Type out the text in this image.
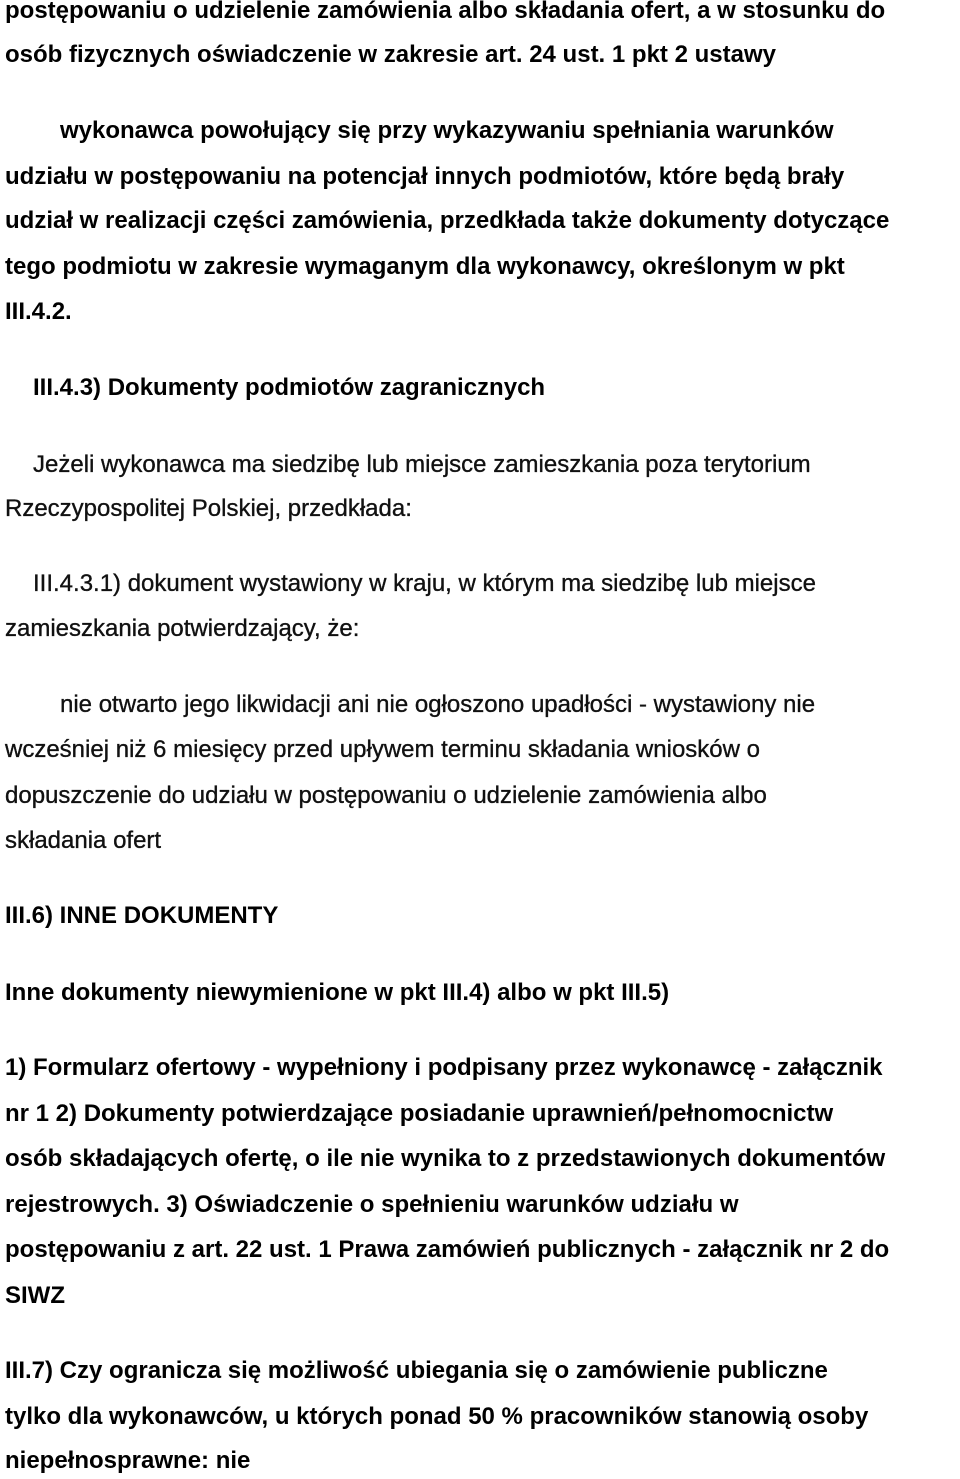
postępowaniu o udzielenie zamówienia albo składania ofert, a w stosunku do
osób fizycznych oświadczenie w zakresie art. 24 ust. 1 pkt 2 ustawy
wykonawca powołujący się przy wykazywaniu spełniania warunków
udziału w postępowaniu na potencjał innych podmiotów, które będą brały
udział w realizacji części zamówienia, przedkłada także dokumenty dotyczące
tego podmiotu w zakresie wymaganym dla wykonawcy, określonym w pkt
III.4.2.
III.4.3) Dokumenty podmiotów zagranicznych
Jeżeli wykonawca ma siedzibę lub miejsce zamieszkania poza terytorium
Rzeczypospolitej Polskiej, przedkłada:
III.4.3.1) dokument wystawiony w kraju, w którym ma siedzibę lub miejsce
zamieszkania potwierdzający, że:
nie otwarto jego likwidacji ani nie ogłoszono upadłości - wystawiony nie
wcześniej niż 6 miesięcy przed upływem terminu składania wniosków o
dopuszczenie do udziału w postępowaniu o udzielenie zamówienia albo
składania ofert
III.6) INNE DOKUMENTY
Inne dokumenty niewymienione w pkt III.4) albo w pkt III.5)
1) Formularz ofertowy - wypełniony i podpisany przez wykonawcę - załącznik
nr 1 2) Dokumenty potwierdzające posiadanie uprawnień/pełnomocnictw
osób składających ofertę, o ile nie wynika to z przedstawionych dokumentów
rejestrowych. 3) Oświadczenie o spełnieniu warunków udziału w
postępowaniu z art. 22 ust. 1 Prawa zamówień publicznych - załącznik nr 2 do
SIWZ
III.7) Czy ogranicza się możliwość ubiegania się o zamówienie publiczne
tylko dla wykonawców, u których ponad 50 % pracowników stanowią osoby
niepełnosprawne: nie
